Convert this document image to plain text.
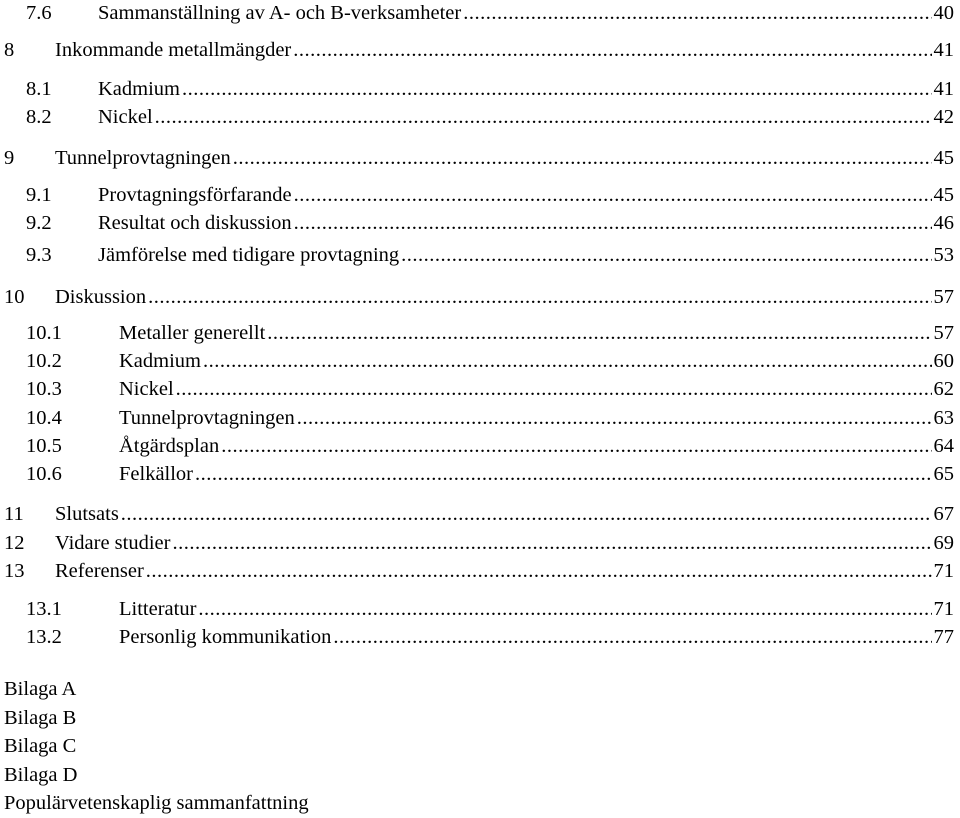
7.6	Sammanställning av A- och B-verksamheter .....	40
8	Inkommande metallmängder .....	41
8.1	Kadmium .....	41
8.2	Nickel .....	42
9	Tunnelprovtagningen .....	45
9.1	Provtagningsförfarande .....	45
9.2	Resultat och diskussion .....	46
9.3	Jämförelse med tidigare provtagning .....	53
10	Diskussion .....	57
10.1	Metaller generellt .....	57
10.2	Kadmium .....	60
10.3	Nickel .....	62
10.4	Tunnelprovtagningen .....	63
10.5	Åtgärdsplan .....	64
10.6	Felkällor .....	65
11	Slutsats .....	67
12	Vidare studier .....	69
13	Referenser .....	71
13.1	Litteratur .....	71
13.2	Personlig kommunikation .....	77
Bilaga A
Bilaga B
Bilaga C
Bilaga D
Populärvetenskaplig sammanfattning
